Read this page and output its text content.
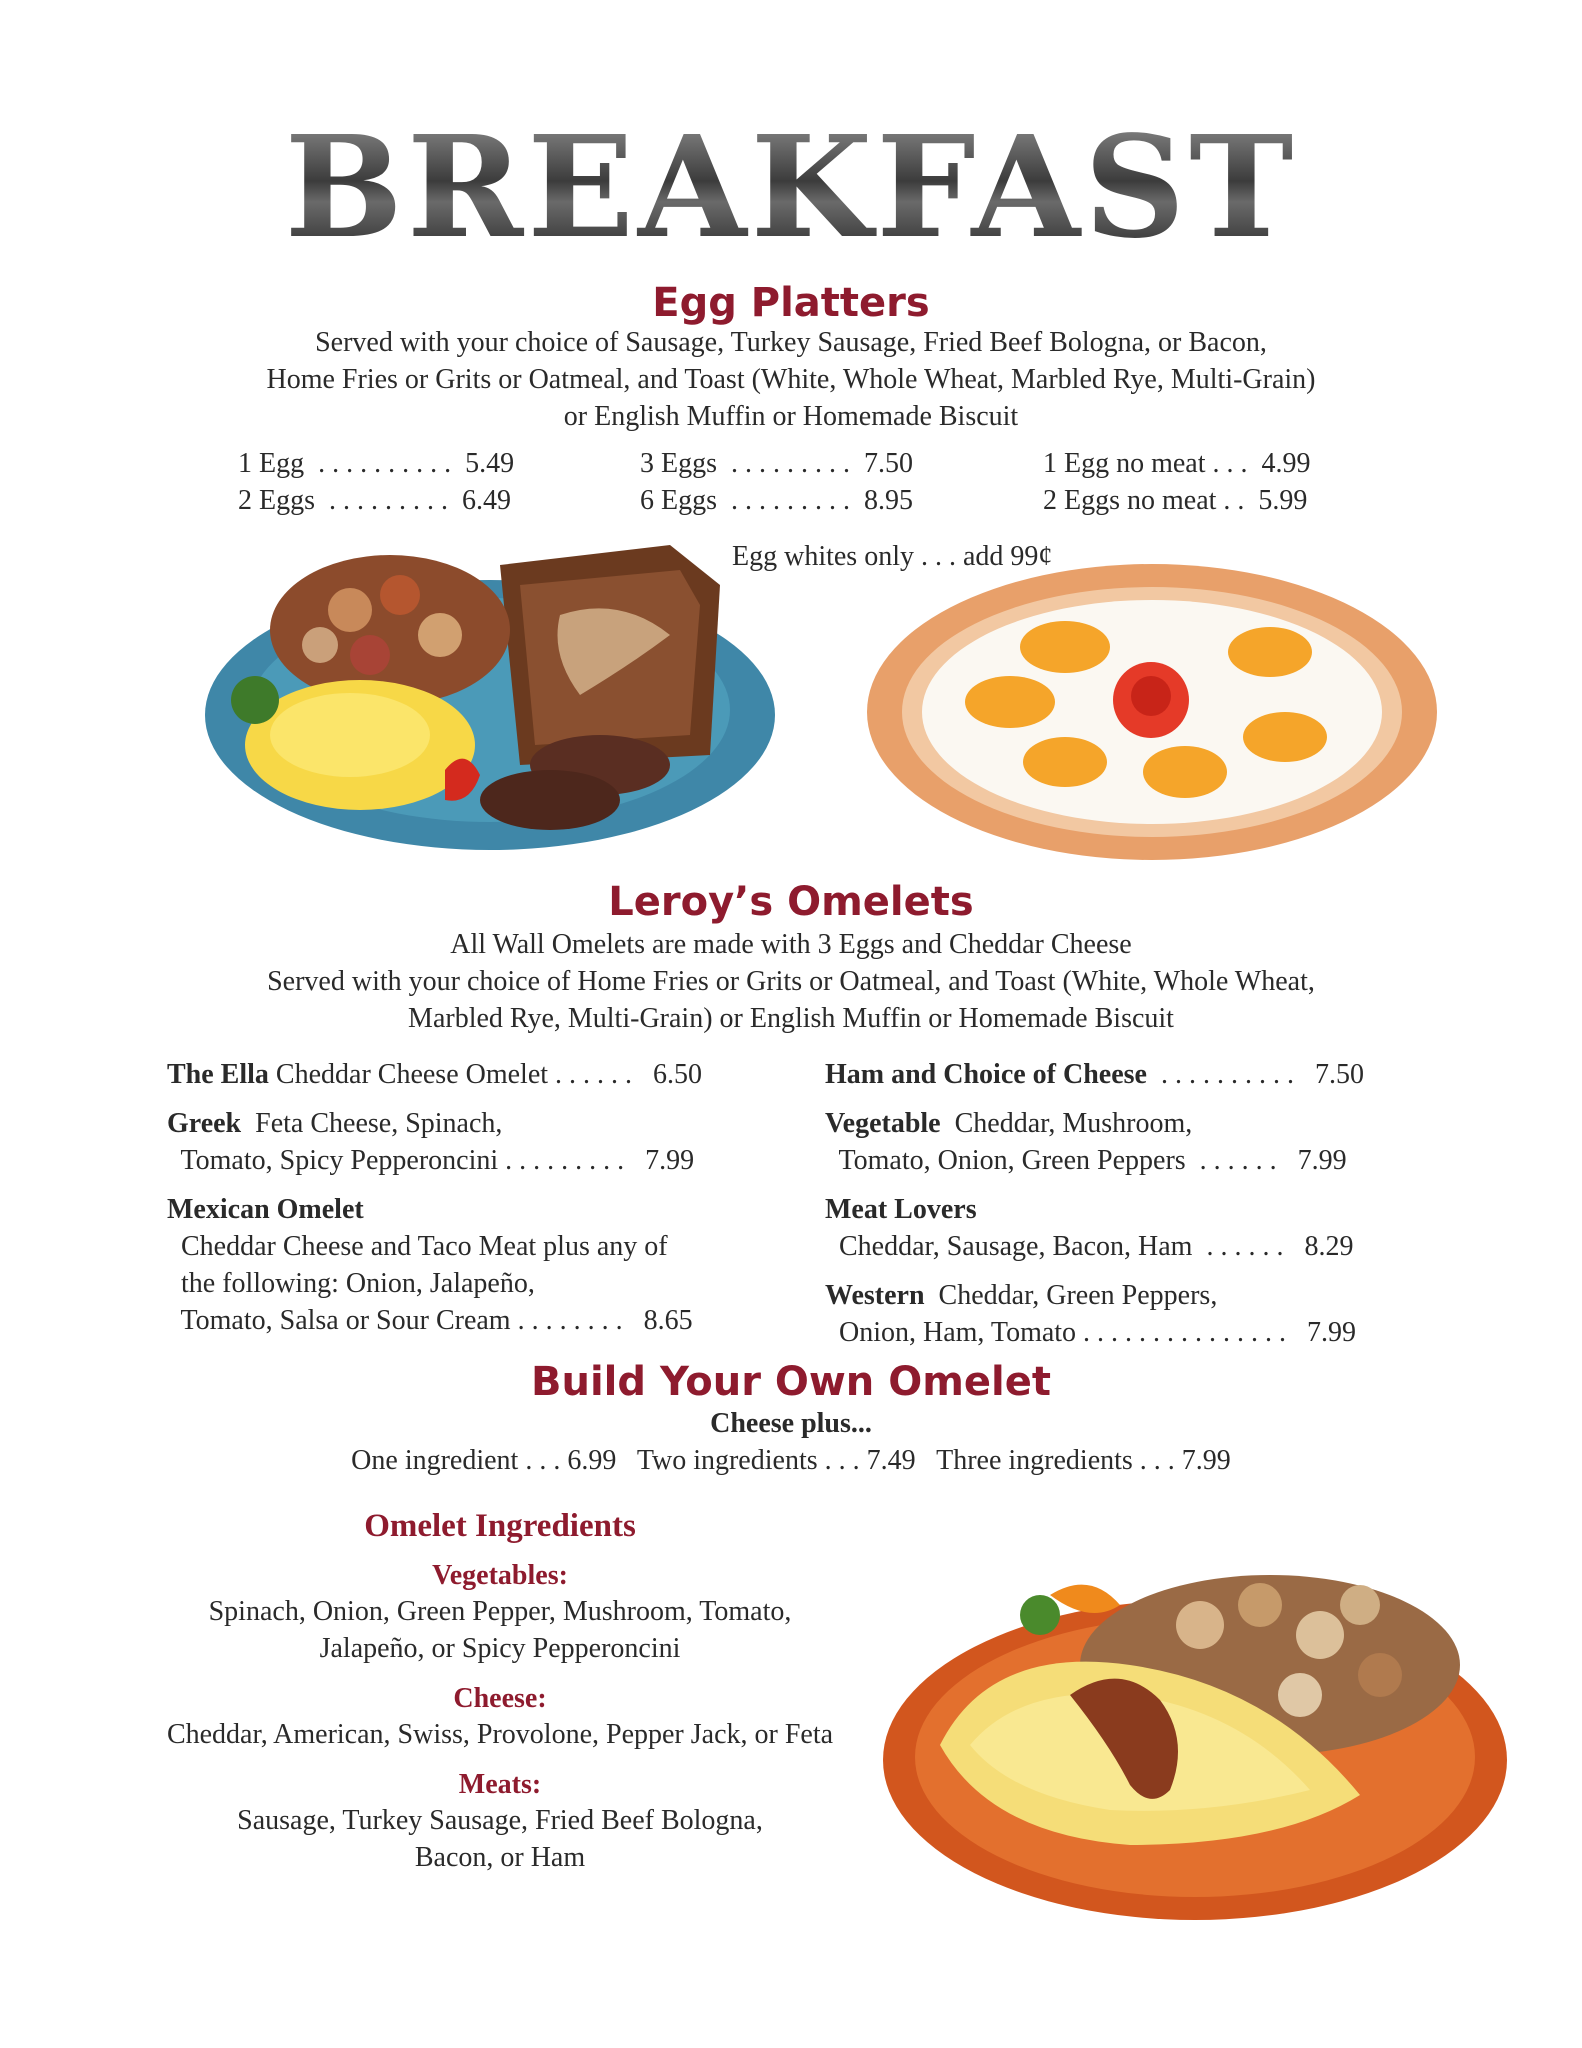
BREAKFAST
Egg Platters
Served with your choice of Sausage, Turkey Sausage, Fried Beef Bologna, or Bacon,
Home Fries or Grits or Oatmeal, and Toast (White, Whole Wheat, Marbled Rye, Multi-Grain)
or English Muffin or Homemade Biscuit
1 Egg  . . . . . . . . . .  5.49
2 Eggs  . . . . . . . . .  6.49
3 Eggs  . . . . . . . . .  7.50
6 Eggs  . . . . . . . . .  8.95
1 Egg no meat . . .  4.99
2 Eggs no meat . .  5.99
Egg whites only . . . add 99¢
Leroy’s Omelets
All Wall Omelets are made with 3 Eggs and Cheddar Cheese
Served with your choice of Home Fries or Grits or Oatmeal, and Toast (White, Whole Wheat,
Marbled Rye, Multi-Grain) or English Muffin or Homemade Biscuit
The Ella Cheddar Cheese Omelet . . . . . .   6.50
Greek  Feta Cheese, Spinach,
Tomato, Spicy Pepperoncini . . . . . . . . .   7.99
Mexican Omelet
Cheddar Cheese and Taco Meat plus any of
the following: Onion, Jalapeño,
Tomato, Salsa or Sour Cream . . . . . . . .   8.65
Ham and Choice of Cheese  . . . . . . . . . .   7.50
Vegetable  Cheddar, Mushroom,
Tomato, Onion, Green Peppers  . . . . . .   7.99
Meat Lovers
Cheddar, Sausage, Bacon, Ham  . . . . . .   8.29
Western  Cheddar, Green Peppers,
Onion, Ham, Tomato . . . . . . . . . . . . . . .   7.99
Build Your Own Omelet
Cheese plus...
One ingredient . . . 6.99   Two ingredients . . . 7.49   Three ingredients . . . 7.99
Omelet Ingredients
Vegetables:
Spinach, Onion, Green Pepper, Mushroom, Tomato,
Jalapeño, or Spicy Pepperoncini
Cheese:
Cheddar, American, Swiss, Provolone, Pepper Jack, or Feta
Meats:
Sausage, Turkey Sausage, Fried Beef Bologna,
Bacon, or Ham
